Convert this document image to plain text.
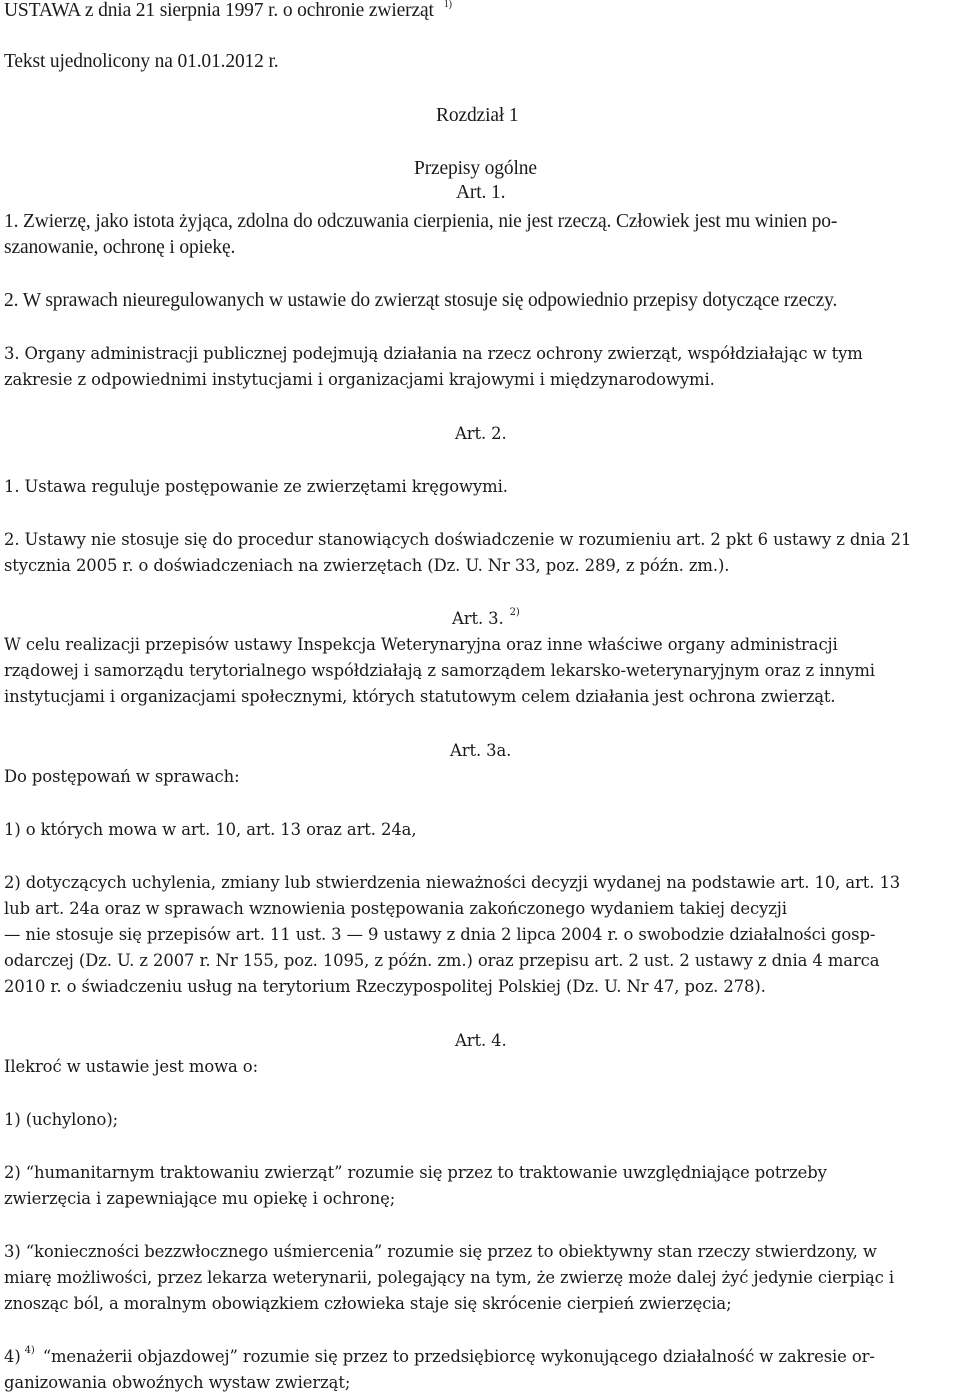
USTAWA z dnia 21 sierpnia 1997 r. o ochronie zwierząt $^{1)}$
Tekst ujednolicony na 01.01.2012 r.
Rozdział 1
Przepisy ogólne
Art. 1.
1. Zwierzę, jako istota żyjąca, zdolna do odczuwania cierpienia, nie jest rzeczą. Człowiek jest mu winien po-
szanowanie, ochronę i opiekę.
2. W sprawach nieuregulowanych w ustawie do zwierząt stosuje się odpowiednio przepisy dotyczące rzeczy.
3. Organy administracji publicznej podejmują działania na rzecz ochrony zwierząt, współdziałając w tym
zakresie z odpowiednimi instytucjami i organizacjami krajowymi i międzynarodowymi.
Art. 2.
1. Ustawa reguluje postępowanie ze zwierzętami kręgowymi.
2. Ustawy nie stosuje się do procedur stanowiących doświadczenie w rozumieniu art. 2 pkt 6 ustawy z dnia 21
stycznia 2005 r. o doświadczeniach na zwierzętach (Dz. U. Nr 33, poz. 289, z późn. zm.).
Art. 3. $^{2)}$
W celu realizacji przepisów ustawy Inspekcja Weterynaryjna oraz inne właściwe organy administracji
rządowej i samorządu terytorialnego współdziałają z samorządem lekarsko-weterynaryjnym oraz z innymi
instytucjami i organizacjami społecznymi, których statutowym celem działania jest ochrona zwierząt.
Art. 3a.
Do postępowań w sprawach:
1) o których mowa w art. 10, art. 13 oraz art. 24a,
2) dotyczących uchylenia, zmiany lub stwierdzenia nieważności decyzji wydanej na podstawie art. 10, art. 13
lub art. 24a oraz w sprawach wznowienia postępowania zakończonego wydaniem takiej decyzji
— nie stosuje się przepisów art. 11 ust. 3 — 9 ustawy z dnia 2 lipca 2004 r. o swobodzie działalności gosp-
odarczej (Dz. U. z 2007 r. Nr 155, poz. 1095, z późn. zm.) oraz przepisu art. 2 ust. 2 ustawy z dnia 4 marca
2010 r. o świadczeniu usług na terytorium Rzeczypospolitej Polskiej (Dz. U. Nr 47, poz. 278).
Art. 4.
Ilekroć w ustawie jest mowa o:
1) (uchylono);
2) “humanitarnym traktowaniu zwierząt” rozumie się przez to traktowanie uwzględniające potrzeby
zwierzęcia i zapewniające mu opiekę i ochronę;
3) “konieczności bezzwłocznego uśmiercenia” rozumie się przez to obiektywny stan rzeczy stwierdzony, w
miarę możliwości, przez lekarza weterynarii, polegający na tym, że zwierzę może dalej żyć jedynie cierpiąc i
znosząc ból, a moralnym obowiązkiem człowieka staje się skrócenie cierpień zwierzęcia;
4) $^{4)}$ “menażerii objazdowej” rozumie się przez to przedsiębiorcę wykonującego działalność w zakresie or-
ganizowania obwoźnych wystaw zwierząt;
